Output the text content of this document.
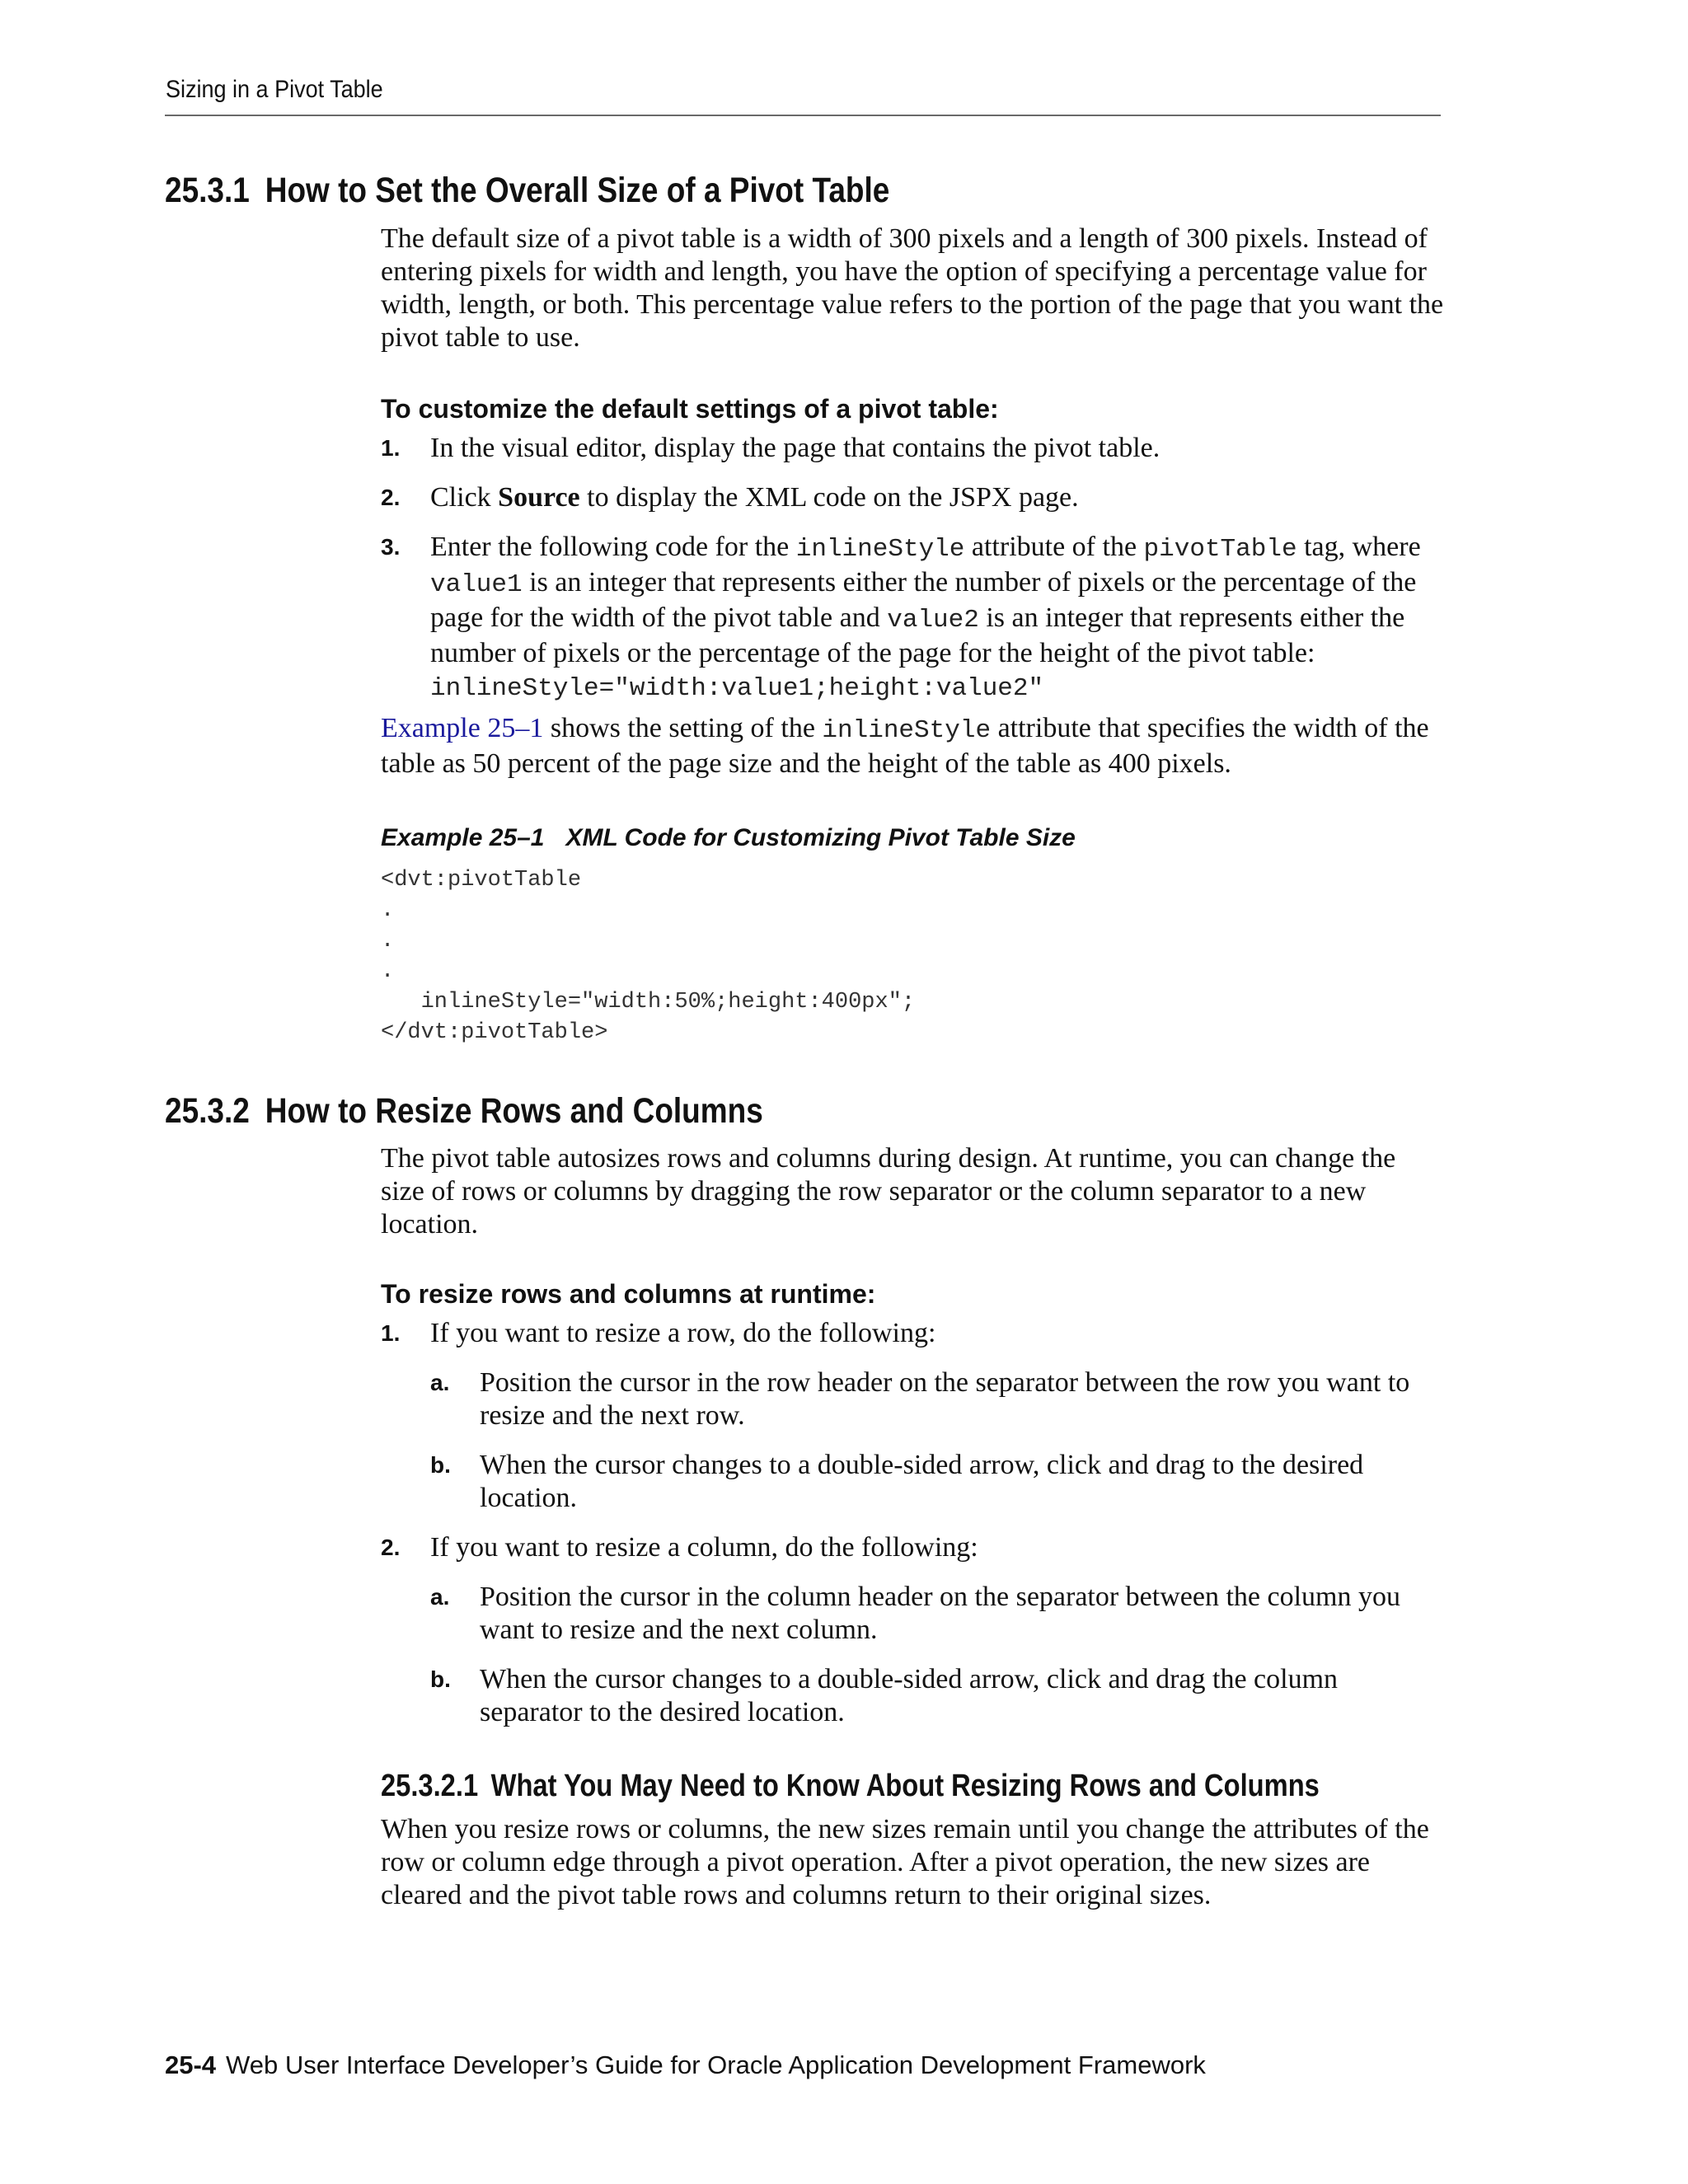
Sizing in a Pivot Table
25.3.1 How to Set the Overall Size of a Pivot Table

The default size of a pivot table is a width of 300 pixels and a length of 300 pixels. Instead of entering pixels for width and length, you have the option of specifying a percentage value for width, length, or both. This percentage value refers to the portion of the page that you want the pivot table to use.

To customize the default settings of a pivot table:
1. In the visual editor, display the page that contains the pivot table.
2. Click Source to display the XML code on the JSPX page.
3. Enter the following code for the inlineStyle attribute of the pivotTable tag, where value1 is an integer that represents either the number of pixels or the percentage of the page for the width of the pivot table and value2 is an integer that represents either the number of pixels or the percentage of the page for the height of the pivot table: inlineStyle="width:value1;height:value2"

Example 25–1 shows the setting of the inlineStyle attribute that specifies the width of the table as 50 percent of the page size and the height of the table as 400 pixels.

Example 25–1 XML Code for Customizing Pivot Table Size
<dvt:pivotTable
.
.
.
inlineStyle="width:50%;height:400px";
</dvt:pivotTable>
25.3.2 How to Resize Rows and Columns

The pivot table autosizes rows and columns during design. At runtime, you can change the size of rows or columns by dragging the row separator or the column separator to a new location.

To resize rows and columns at runtime:
1. If you want to resize a row, do the following:
a. Position the cursor in the row header on the separator between the row you want to resize and the next row.
b. When the cursor changes to a double-sided arrow, click and drag to the desired location.
2. If you want to resize a column, do the following:
a. Position the cursor in the column header on the separator between the column you want to resize and the next column.
b. When the cursor changes to a double-sided arrow, click and drag the column separator to the desired location.
25.3.2.1 What You May Need to Know About Resizing Rows and Columns

When you resize rows or columns, the new sizes remain until you change the attributes of the row or column edge through a pivot operation. After a pivot operation, the new sizes are cleared and the pivot table rows and columns return to their original sizes.

25-4 Web User Interface Developer’s Guide for Oracle Application Development Framework
